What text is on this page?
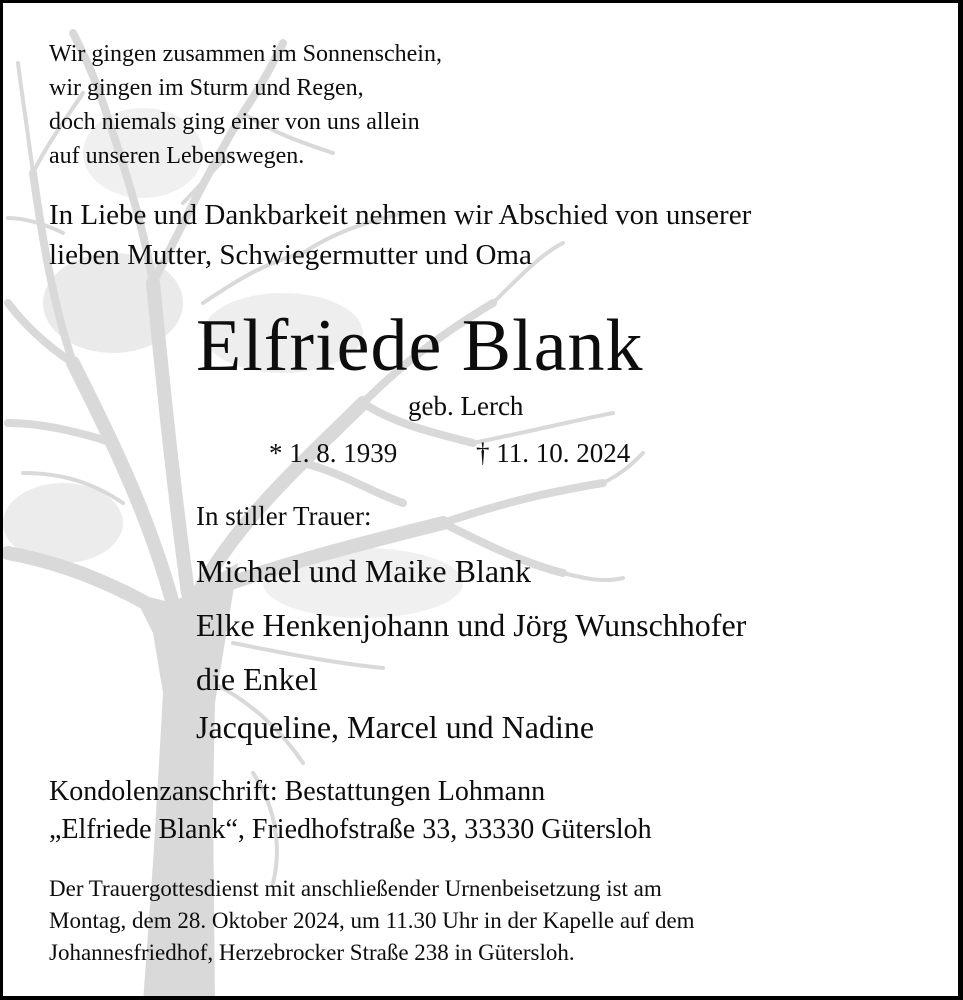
Wir gingen zusammen im Sonnenschein,
wir gingen im Sturm und Regen,
doch niemals ging einer von uns allein
auf unseren Lebenswegen.
In Liebe und Dankbarkeit nehmen wir Abschied von unserer
lieben Mutter, Schwiegermutter und Oma
Elfriede Blank
geb. Lerch
* 1. 8. 1939	† 11. 10. 2024
In stiller Trauer:
Michael und Maike Blank
Elke Henkenjohann und Jörg Wunschhofer
die Enkel
Jacqueline, Marcel und Nadine
Kondolenzanschrift: Bestattungen Lohmann
„Elfriede Blank“, Friedhofstraße 33, 33330 Gütersloh
Der Trauergottesdienst mit anschließender Urnenbeisetzung ist am
Montag, dem 28. Oktober 2024, um 11.30 Uhr in der Kapelle auf dem
Johannesfriedhof, Herzebrocker Straße 238 in Gütersloh.
